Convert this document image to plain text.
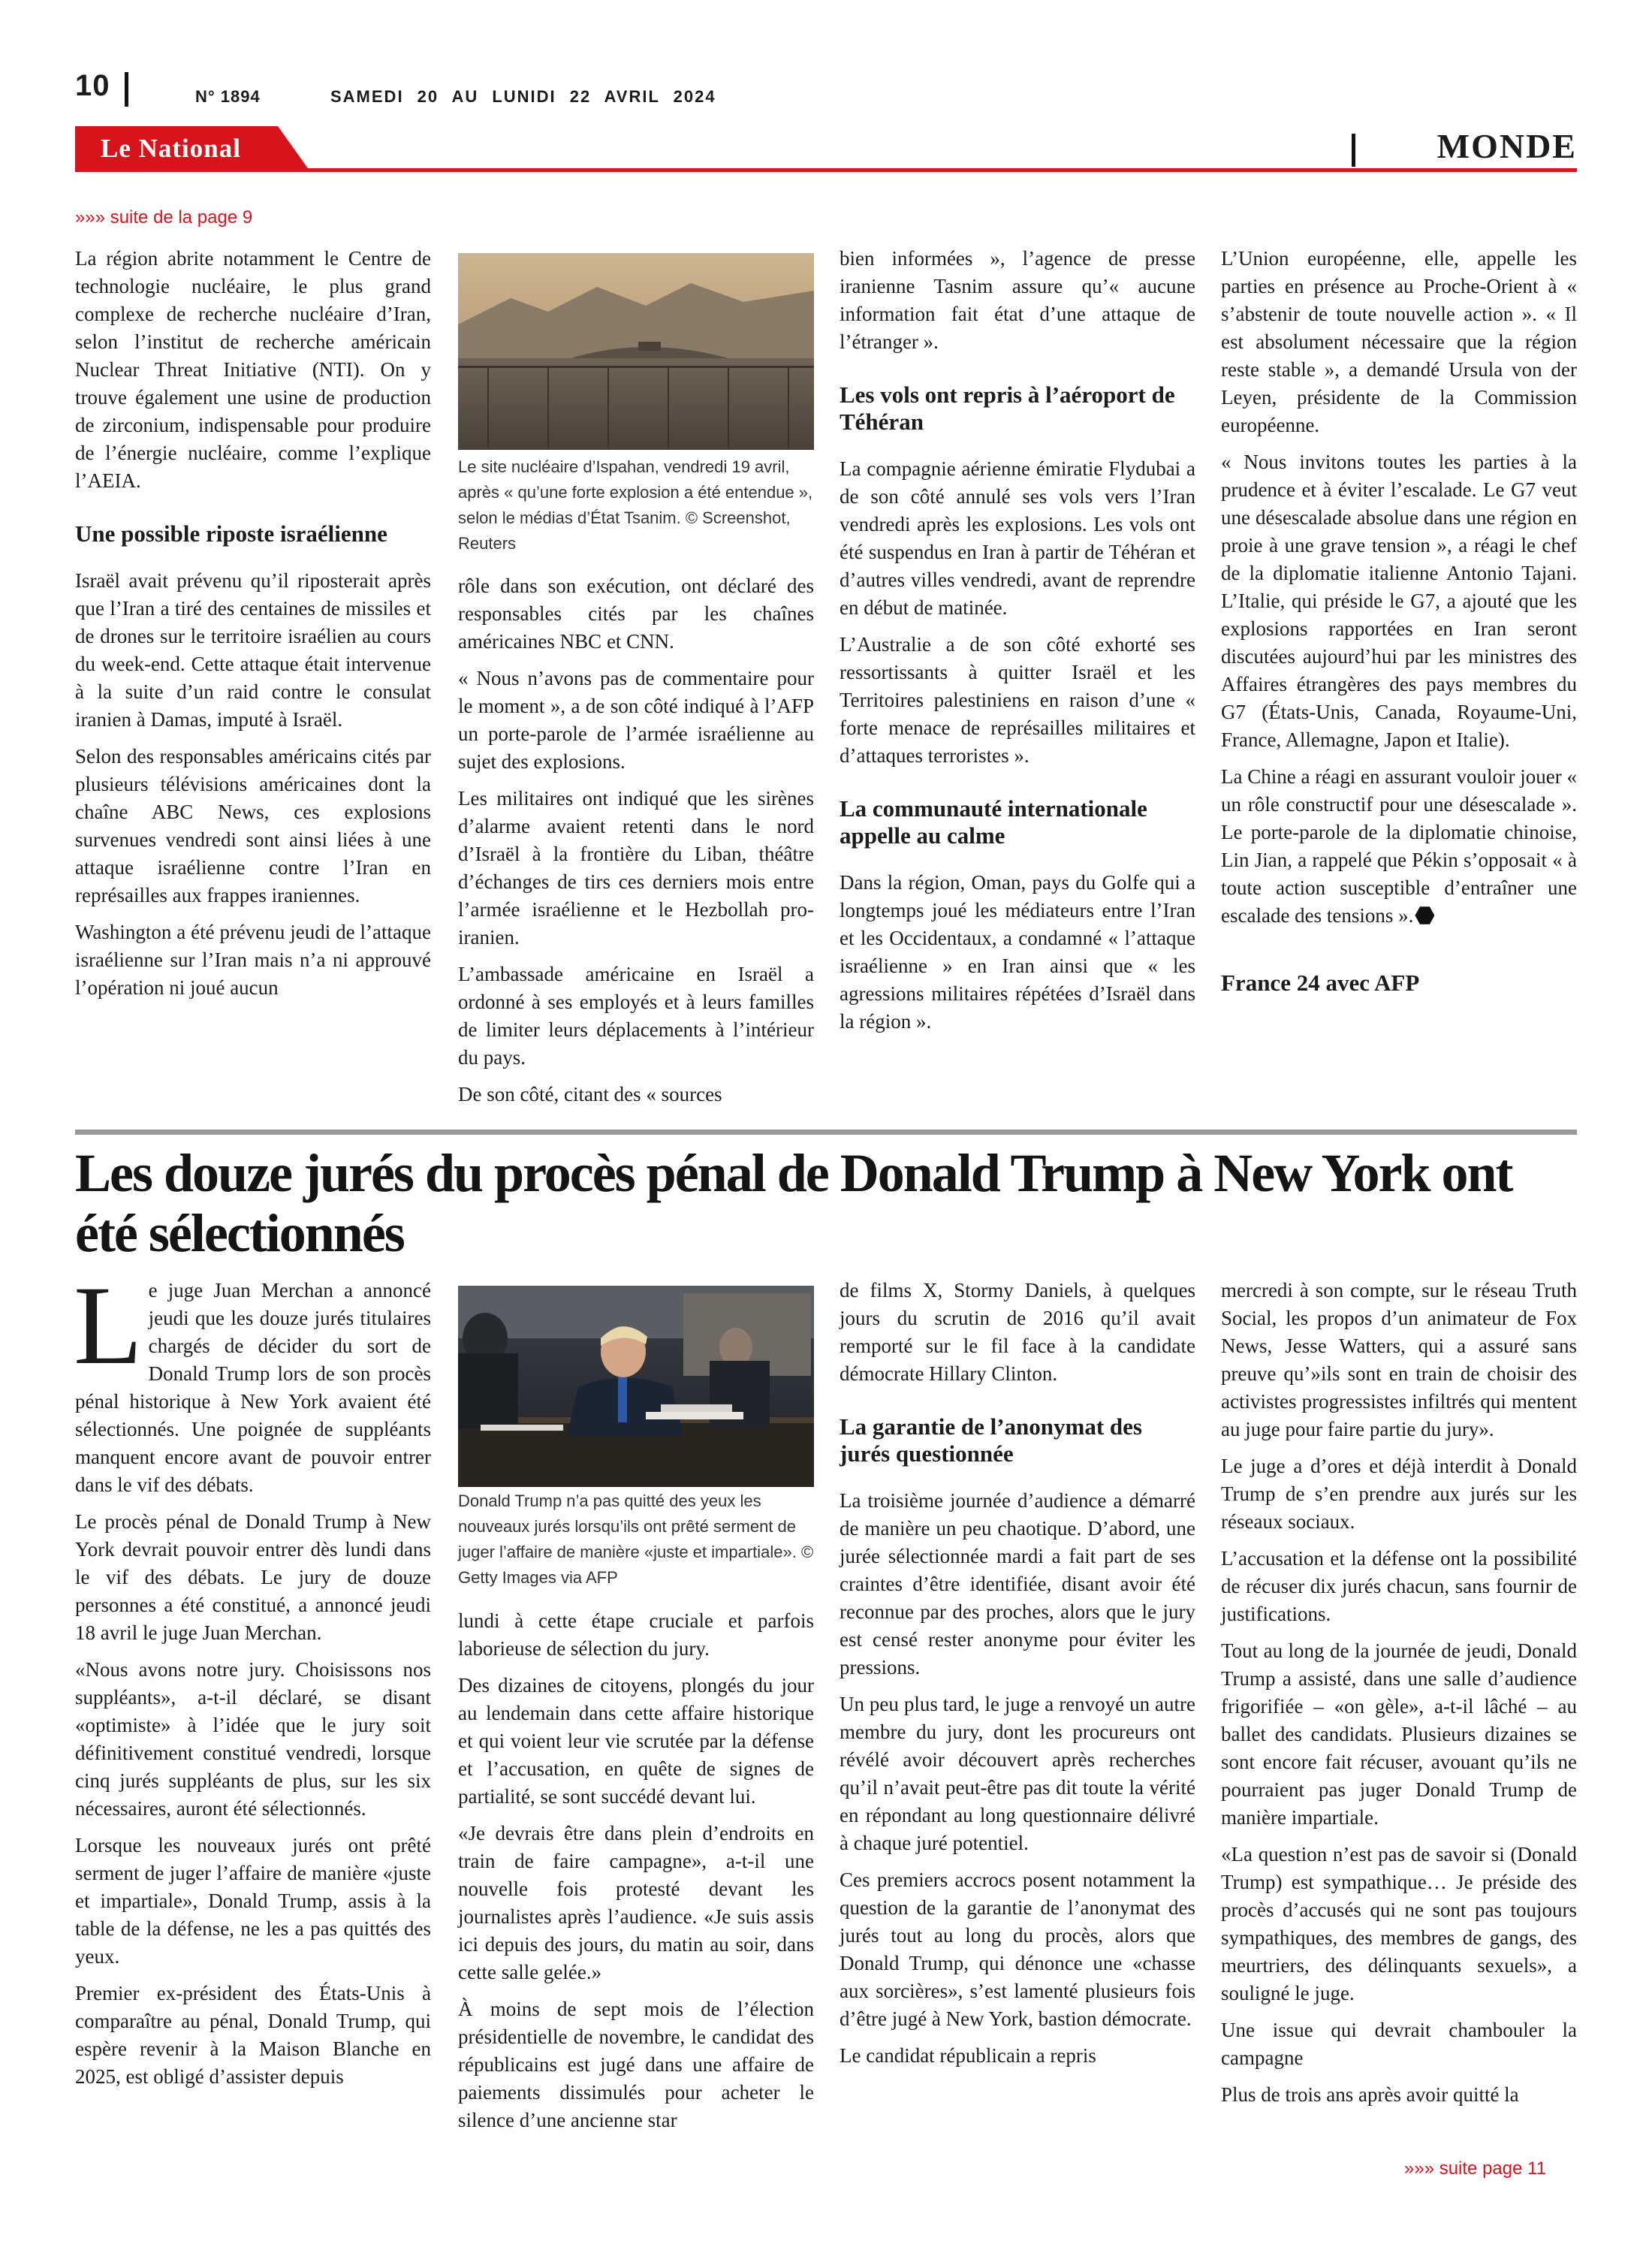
10	N° 1894	SAMEDI 20 AU LUNIDI 22 AVRIL 2024
Le National	MONDE
»»» suite de la page 9

La région abrite notamment le Centre de technologie nucléaire, le plus grand complexe de recherche nucléaire d’Iran, selon l’institut de recherche américain Nuclear Threat Initiative (NTI). On y trouve également une usine de production de zirconium, indispensable pour produire de l’énergie nucléaire, comme l’explique l’AEIA.

Une possible riposte israélienne

Israël avait prévenu qu’il riposterait après que l’Iran a tiré des centaines de missiles et de drones sur le territoire israélien au cours du week-end. Cette attaque était intervenue à la suite d’un raid contre le consulat iranien à Damas, imputé à Israël.

Selon des responsables américains cités par plusieurs télévisions américaines dont la chaîne ABC News, ces explosions survenues vendredi sont ainsi liées à une attaque israélienne contre l’Iran en représailles aux frappes iraniennes.

Washington a été prévenu jeudi de l’attaque israélienne sur l’Iran mais n’a ni approuvé l’opération ni joué aucun

Le site nucléaire d’Ispahan, vendredi 19 avril, après « qu’une forte explosion a été entendue », selon le médias d’État Tsanim. © Screenshot, Reuters

rôle dans son exécution, ont déclaré des responsables cités par les chaînes américaines NBC et CNN.

« Nous n’avons pas de commentaire pour le moment », a de son côté indiqué à l’AFP un porte-parole de l’armée israélienne au sujet des explosions.

Les militaires ont indiqué que les sirènes d’alarme avaient retenti dans le nord d’Israël à la frontière du Liban, théâtre d’échanges de tirs ces derniers mois entre l’armée israélienne et le Hezbollah pro-iranien.

L’ambassade américaine en Israël a ordonné à ses employés et à leurs familles de limiter leurs déplacements à l’intérieur du pays.

De son côté, citant des « sources

bien informées », l’agence de presse iranienne Tasnim assure qu’« aucune information fait état d’une attaque de l’étranger ».

Les vols ont repris à l’aéroport de Téhéran

La compagnie aérienne émiratie Flydubai a de son côté annulé ses vols vers l’Iran vendredi après les explosions. Les vols ont été suspendus en Iran à partir de Téhéran et d’autres villes vendredi, avant de reprendre en début de matinée.

L’Australie a de son côté exhorté ses ressortissants à quitter Israël et les Territoires palestiniens en raison d’une « forte menace de représailles militaires et d’attaques terroristes ».

La communauté internationale appelle au calme

Dans la région, Oman, pays du Golfe qui a longtemps joué les médiateurs entre l’Iran et les Occidentaux, a condamné « l’attaque israélienne » en Iran ainsi que « les agressions militaires répétées d’Israël dans la région ».

L’Union européenne, elle, appelle les parties en présence au Proche-Orient à « s’abstenir de toute nouvelle action ». « Il est absolument nécessaire que la région reste stable », a demandé Ursula von der Leyen, présidente de la Commission européenne.

« Nous invitons toutes les parties à la prudence et à éviter l’escalade. Le G7 veut une désescalade absolue dans une région en proie à une grave tension », a réagi le chef de la diplomatie italienne Antonio Tajani. L’Italie, qui préside le G7, a ajouté que les explosions rapportées en Iran seront discutées aujourd’hui par les ministres des Affaires étrangères des pays membres du G7 (États-Unis, Canada, Royaume-Uni, France, Allemagne, Japon et Italie).

La Chine a réagi en assurant vouloir jouer « un rôle constructif pour une désescalade ». Le porte-parole de la diplomatie chinoise, Lin Jian, a rappelé que Pékin s’opposait « à toute action susceptible d’entraîner une escalade des tensions ».

France 24 avec AFP
Les douze jurés du procès pénal de Donald Trump à New York ont été sélectionnés

Le juge Juan Merchan a annoncé jeudi que les douze jurés titulaires chargés de décider du sort de Donald Trump lors de son procès pénal historique à New York avaient été sélectionnés. Une poignée de suppléants manquent encore avant de pouvoir entrer dans le vif des débats.

Le procès pénal de Donald Trump à New York devrait pouvoir entrer dès lundi dans le vif des débats. Le jury de douze personnes a été constitué, a annoncé jeudi 18 avril le juge Juan Merchan.

«Nous avons notre jury. Choisissons nos suppléants», a-t-il déclaré, se disant «optimiste» à l’idée que le jury soit définitivement constitué vendredi, lorsque cinq jurés suppléants de plus, sur les six nécessaires, auront été sélectionnés.

Lorsque les nouveaux jurés ont prêté serment de juger l’affaire de manière «juste et impartiale», Donald Trump, assis à la table de la défense, ne les a pas quittés des yeux.

Premier ex-président des États-Unis à comparaître au pénal, Donald Trump, qui espère revenir à la Maison Blanche en 2025, est obligé d’assister depuis

Donald Trump n’a pas quitté des yeux les nouveaux jurés lorsqu’ils ont prêté serment de juger l’affaire de manière «juste et impartiale». © Getty Images via AFP

lundi à cette étape cruciale et parfois laborieuse de sélection du jury.

Des dizaines de citoyens, plongés du jour au lendemain dans cette affaire historique et qui voient leur vie scrutée par la défense et l’accusation, en quête de signes de partialité, se sont succédé devant lui.

«Je devrais être dans plein d’endroits en train de faire campagne», a-t-il une nouvelle fois protesté devant les journalistes après l’audience. «Je suis assis ici depuis des jours, du matin au soir, dans cette salle gelée.»

À moins de sept mois de l’élection présidentielle de novembre, le candidat des républicains est jugé dans une affaire de paiements dissimulés pour acheter le silence d’une ancienne star

de films X, Stormy Daniels, à quelques jours du scrutin de 2016 qu’il avait remporté sur le fil face à la candidate démocrate Hillary Clinton.

La garantie de l’anonymat des jurés questionnée

La troisième journée d’audience a démarré de manière un peu chaotique. D’abord, une jurée sélectionnée mardi a fait part de ses craintes d’être identifiée, disant avoir été reconnue par des proches, alors que le jury est censé rester anonyme pour éviter les pressions.

Un peu plus tard, le juge a renvoyé un autre membre du jury, dont les procureurs ont révélé avoir découvert après recherches qu’il n’avait peut-être pas dit toute la vérité en répondant au long questionnaire délivré à chaque juré potentiel.

Ces premiers accrocs posent notamment la question de la garantie de l’anonymat des jurés tout au long du procès, alors que Donald Trump, qui dénonce une «chasse aux sorcières», s’est lamenté plusieurs fois d’être jugé à New York, bastion démocrate.

Le candidat républicain a repris

mercredi à son compte, sur le réseau Truth Social, les propos d’un animateur de Fox News, Jesse Watters, qui a assuré sans preuve qu’»ils sont en train de choisir des activistes progressistes infiltrés qui mentent au juge pour faire partie du jury».

Le juge a d’ores et déjà interdit à Donald Trump de s’en prendre aux jurés sur les réseaux sociaux.

L’accusation et la défense ont la possibilité de récuser dix jurés chacun, sans fournir de justifications.

Tout au long de la journée de jeudi, Donald Trump a assisté, dans une salle d’audience frigorifiée – «on gèle», a-t-il lâché – au ballet des candidats. Plusieurs dizaines se sont encore fait récuser, avouant qu’ils ne pourraient pas juger Donald Trump de manière impartiale.

«La question n’est pas de savoir si (Donald Trump) est sympathique… Je préside des procès d’accusés qui ne sont pas toujours sympathiques, des membres de gangs, des meurtriers, des délinquants sexuels», a souligné le juge.

Une issue qui devrait chambouler la campagne

Plus de trois ans après avoir quitté la

»»» suite page 11
